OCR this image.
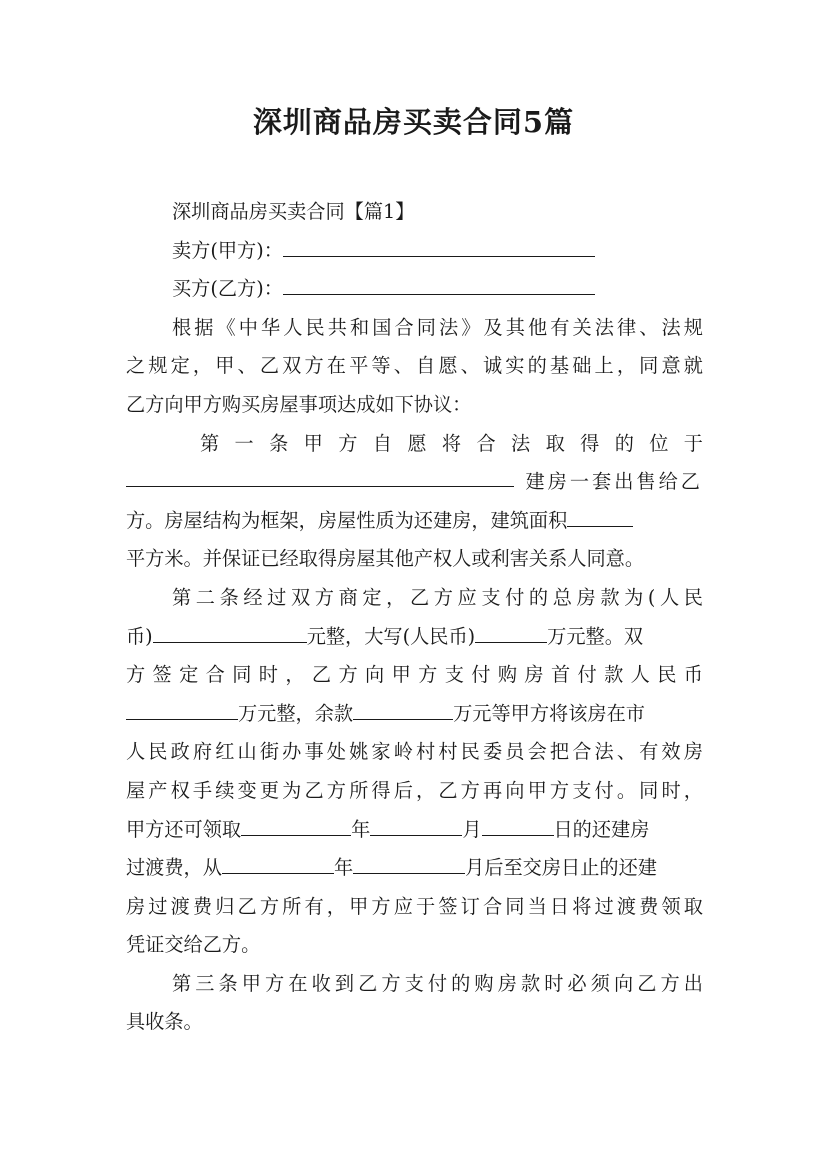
深圳商品房买卖合同5篇
深圳商品房买卖合同【篇1】
卖方(甲方)：
买方(乙方)：
根据《中华人民共和国合同法》及其他有关法律、法规
之规定，甲、乙双方在平等、自愿、诚实的基础上，同意就
乙方向甲方购买房屋事项达成如下协议：
第一条甲方自愿将合法取得的位于
建房一套出售给乙
方。房屋结构为框架，房屋性质为还建房，建筑面积
平方米。并保证已经取得房屋其他产权人或利害关系人同意。
第二条经过双方商定，乙方应支付的总房款为(人民
币)	元整，大写(人民币)	万元整。双
方签定合同时，乙方向甲方支付购房首付款人民币
万元整，余款	万元等甲方将该房在市
人民政府红山街办事处姚家岭村村民委员会把合法、有效房
屋产权手续变更为乙方所得后，乙方再向甲方支付。同时，
甲方还可领取	年	月	日的还建房
过渡费，从	年	月后至交房日止的还建
房过渡费归乙方所有，甲方应于签订合同当日将过渡费领取
凭证交给乙方。
第三条甲方在收到乙方支付的购房款时必须向乙方出
具收条。
